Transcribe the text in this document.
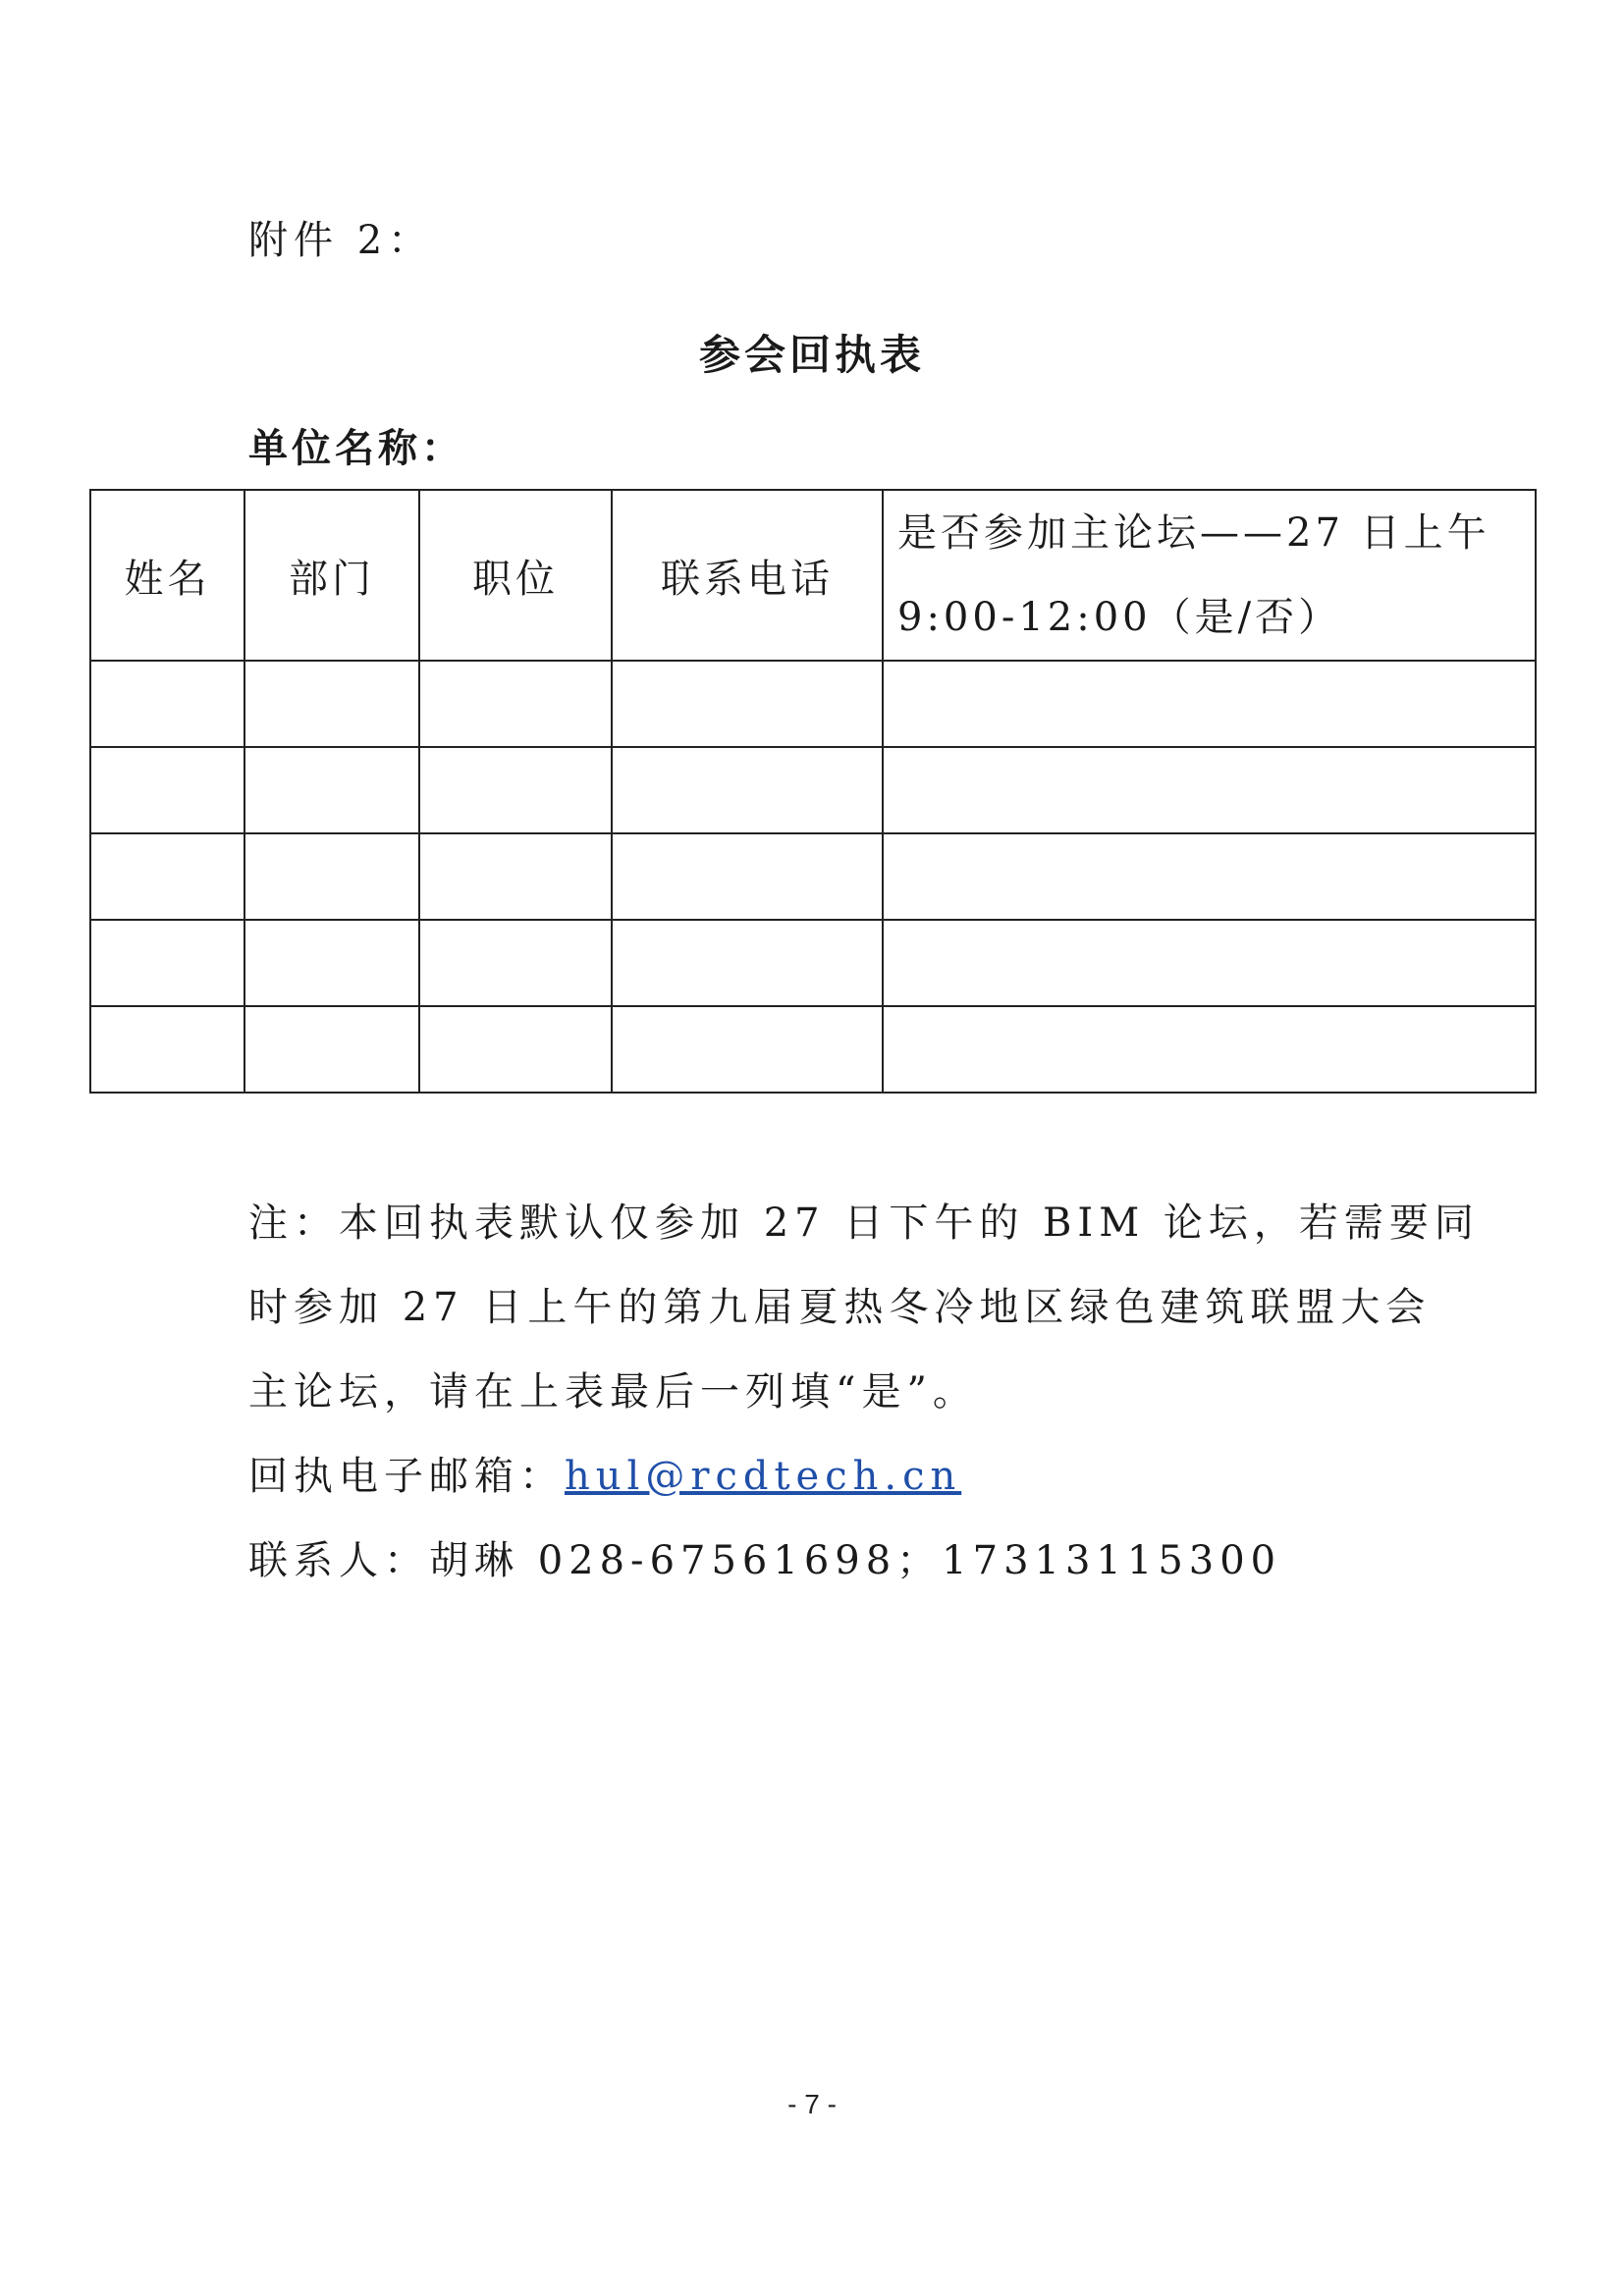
附件 2：
参会回执表
单位名称：
姓名	部门	职位	联系电话	是否参加主论坛——27 日上午
9:00-12:00（是/否）

注：本回执表默认仅参加 27 日下午的 BIM 论坛，若需要同
时参加 27 日上午的第九届夏热冬冷地区绿色建筑联盟大会
主论坛，请在上表最后一列填“是”。
回执电子邮箱：hul@rcdtech.cn
联系人：胡琳 028-67561698；17313115300
- 7 -
